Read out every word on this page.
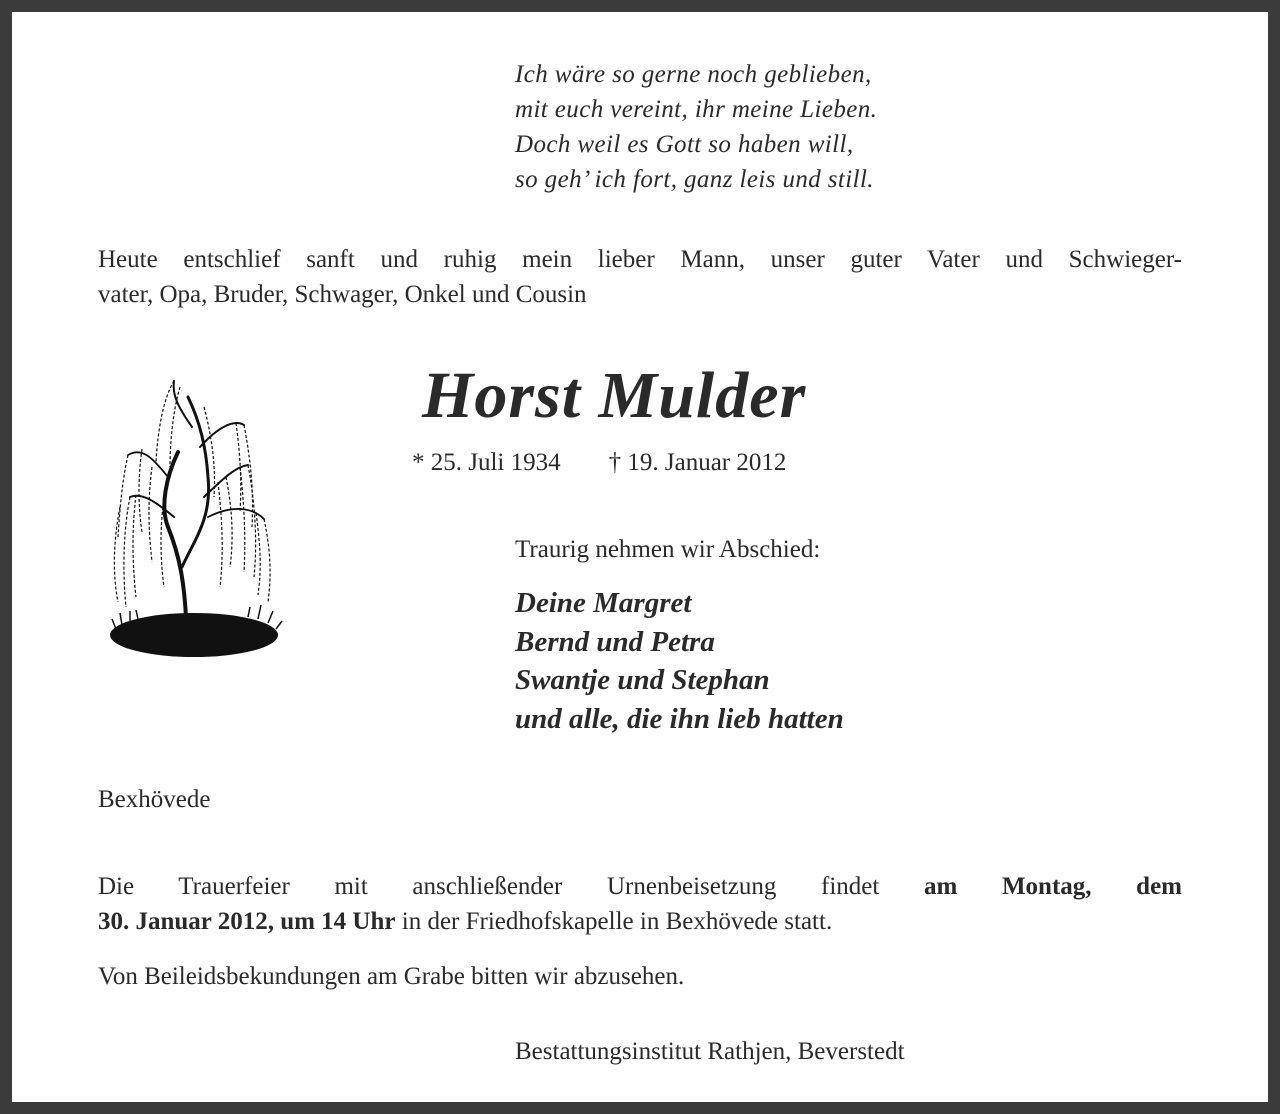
Ich wäre so gerne noch geblieben,
mit euch vereint, ihr meine Lieben.
Doch weil es Gott so haben will,
so geh’ ich fort, ganz leis und still.
Heute entschlief sanft und ruhig mein lieber Mann, unser guter Vater und Schwieger-
vater, Opa, Bruder, Schwager, Onkel und Cousin
Horst Mulder
* 25. Juli 1934 † 19. Januar 2012
Traurig nehmen wir Abschied:
Deine Margret
Bernd und Petra
Swantje und Stephan
und alle, die ihn lieb hatten
Bexhövede
Die Trauerfeier mit anschließender Urnenbeisetzung findet am Montag, dem
30. Januar 2012, um 14 Uhr in der Friedhofskapelle in Bexhövede statt.
Von Beileidsbekundungen am Grabe bitten wir abzusehen.
Bestattungsinstitut Rathjen, Beverstedt
